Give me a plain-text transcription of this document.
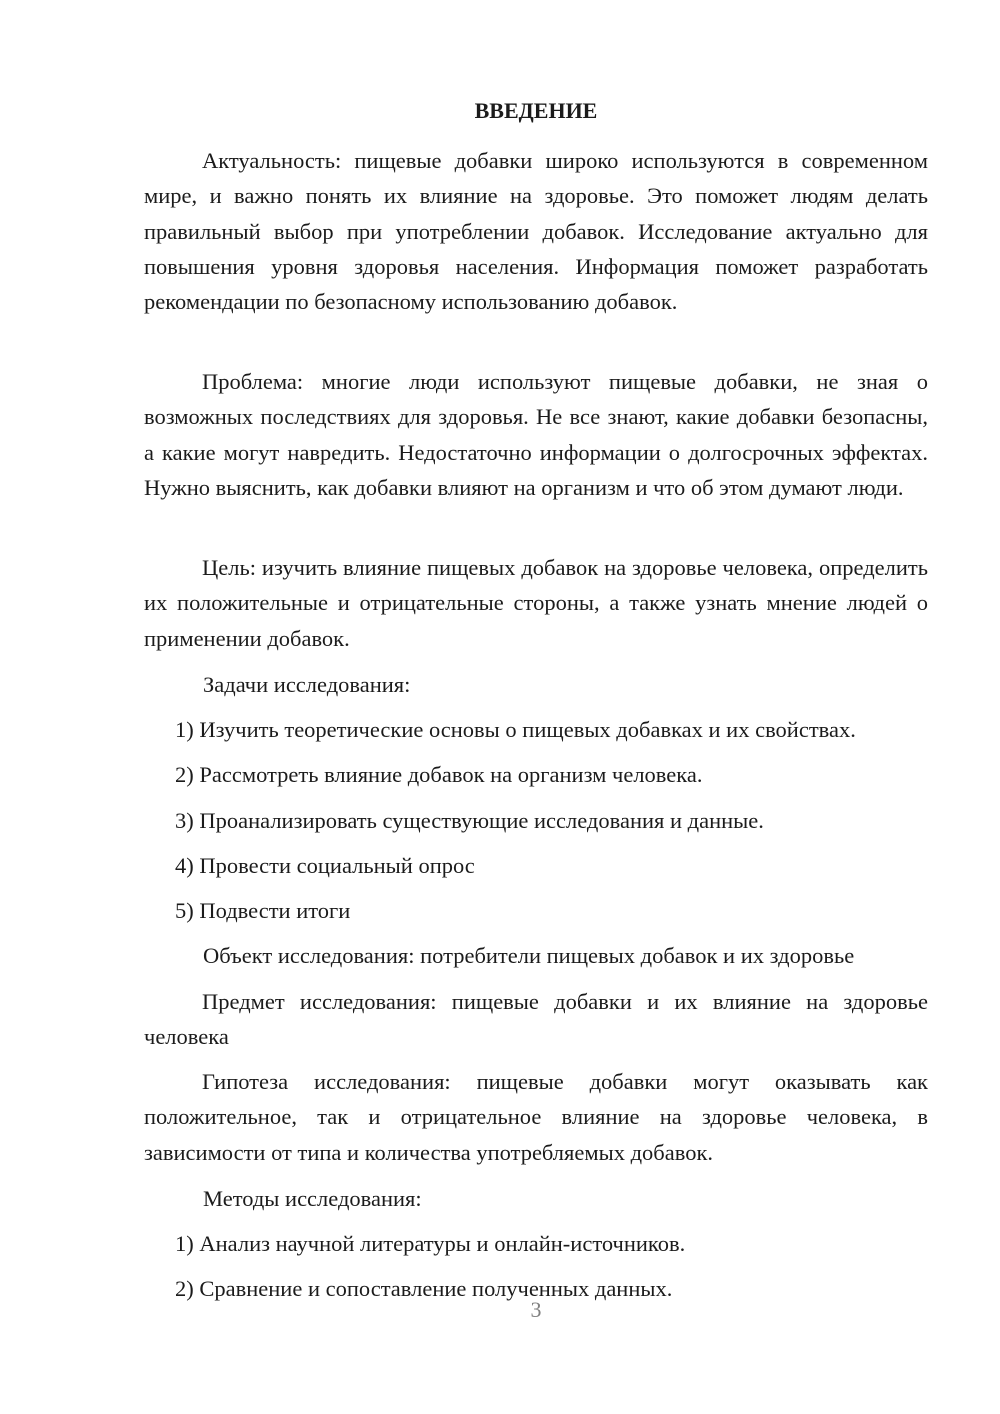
ВВЕДЕНИЕ

Актуальность: пищевые добавки широко используются в современном мире, и важно понять их влияние на здоровье. Это поможет людям делать правильный выбор при употреблении добавок. Исследование актуально для повышения уровня здоровья населения. Информация поможет разработать рекомендации по безопасному использованию добавок.

Проблема: многие люди используют пищевые добавки, не зная о возможных последствиях для здоровья. Не все знают, какие добавки безопасны, а какие могут навредить. Недостаточно информации о долгосрочных эффектах. Нужно выяснить, как добавки влияют на организм и что об этом думают люди.

Цель: изучить влияние пищевых добавок на здоровье человека, определить их положительные и отрицательные стороны, а также узнать мнение людей о применении добавок.

Задачи исследования:

1) Изучить теоретические основы о пищевых добавках и их свойствах.

2) Рассмотреть влияние добавок на организм человека.

3) Проанализировать существующие исследования и данные.

4) Провести социальный опрос

5) Подвести итоги

Объект исследования: потребители пищевых добавок и их здоровье

Предмет исследования: пищевые добавки и их влияние на здоровье человека

Гипотеза исследования: пищевые добавки могут оказывать как положительное, так и отрицательное влияние на здоровье человека, в зависимости от типа и количества употребляемых добавок.

Методы исследования:

1) Анализ научной литературы и онлайн-источников.

2) Сравнение и сопоставление полученных данных.

3
